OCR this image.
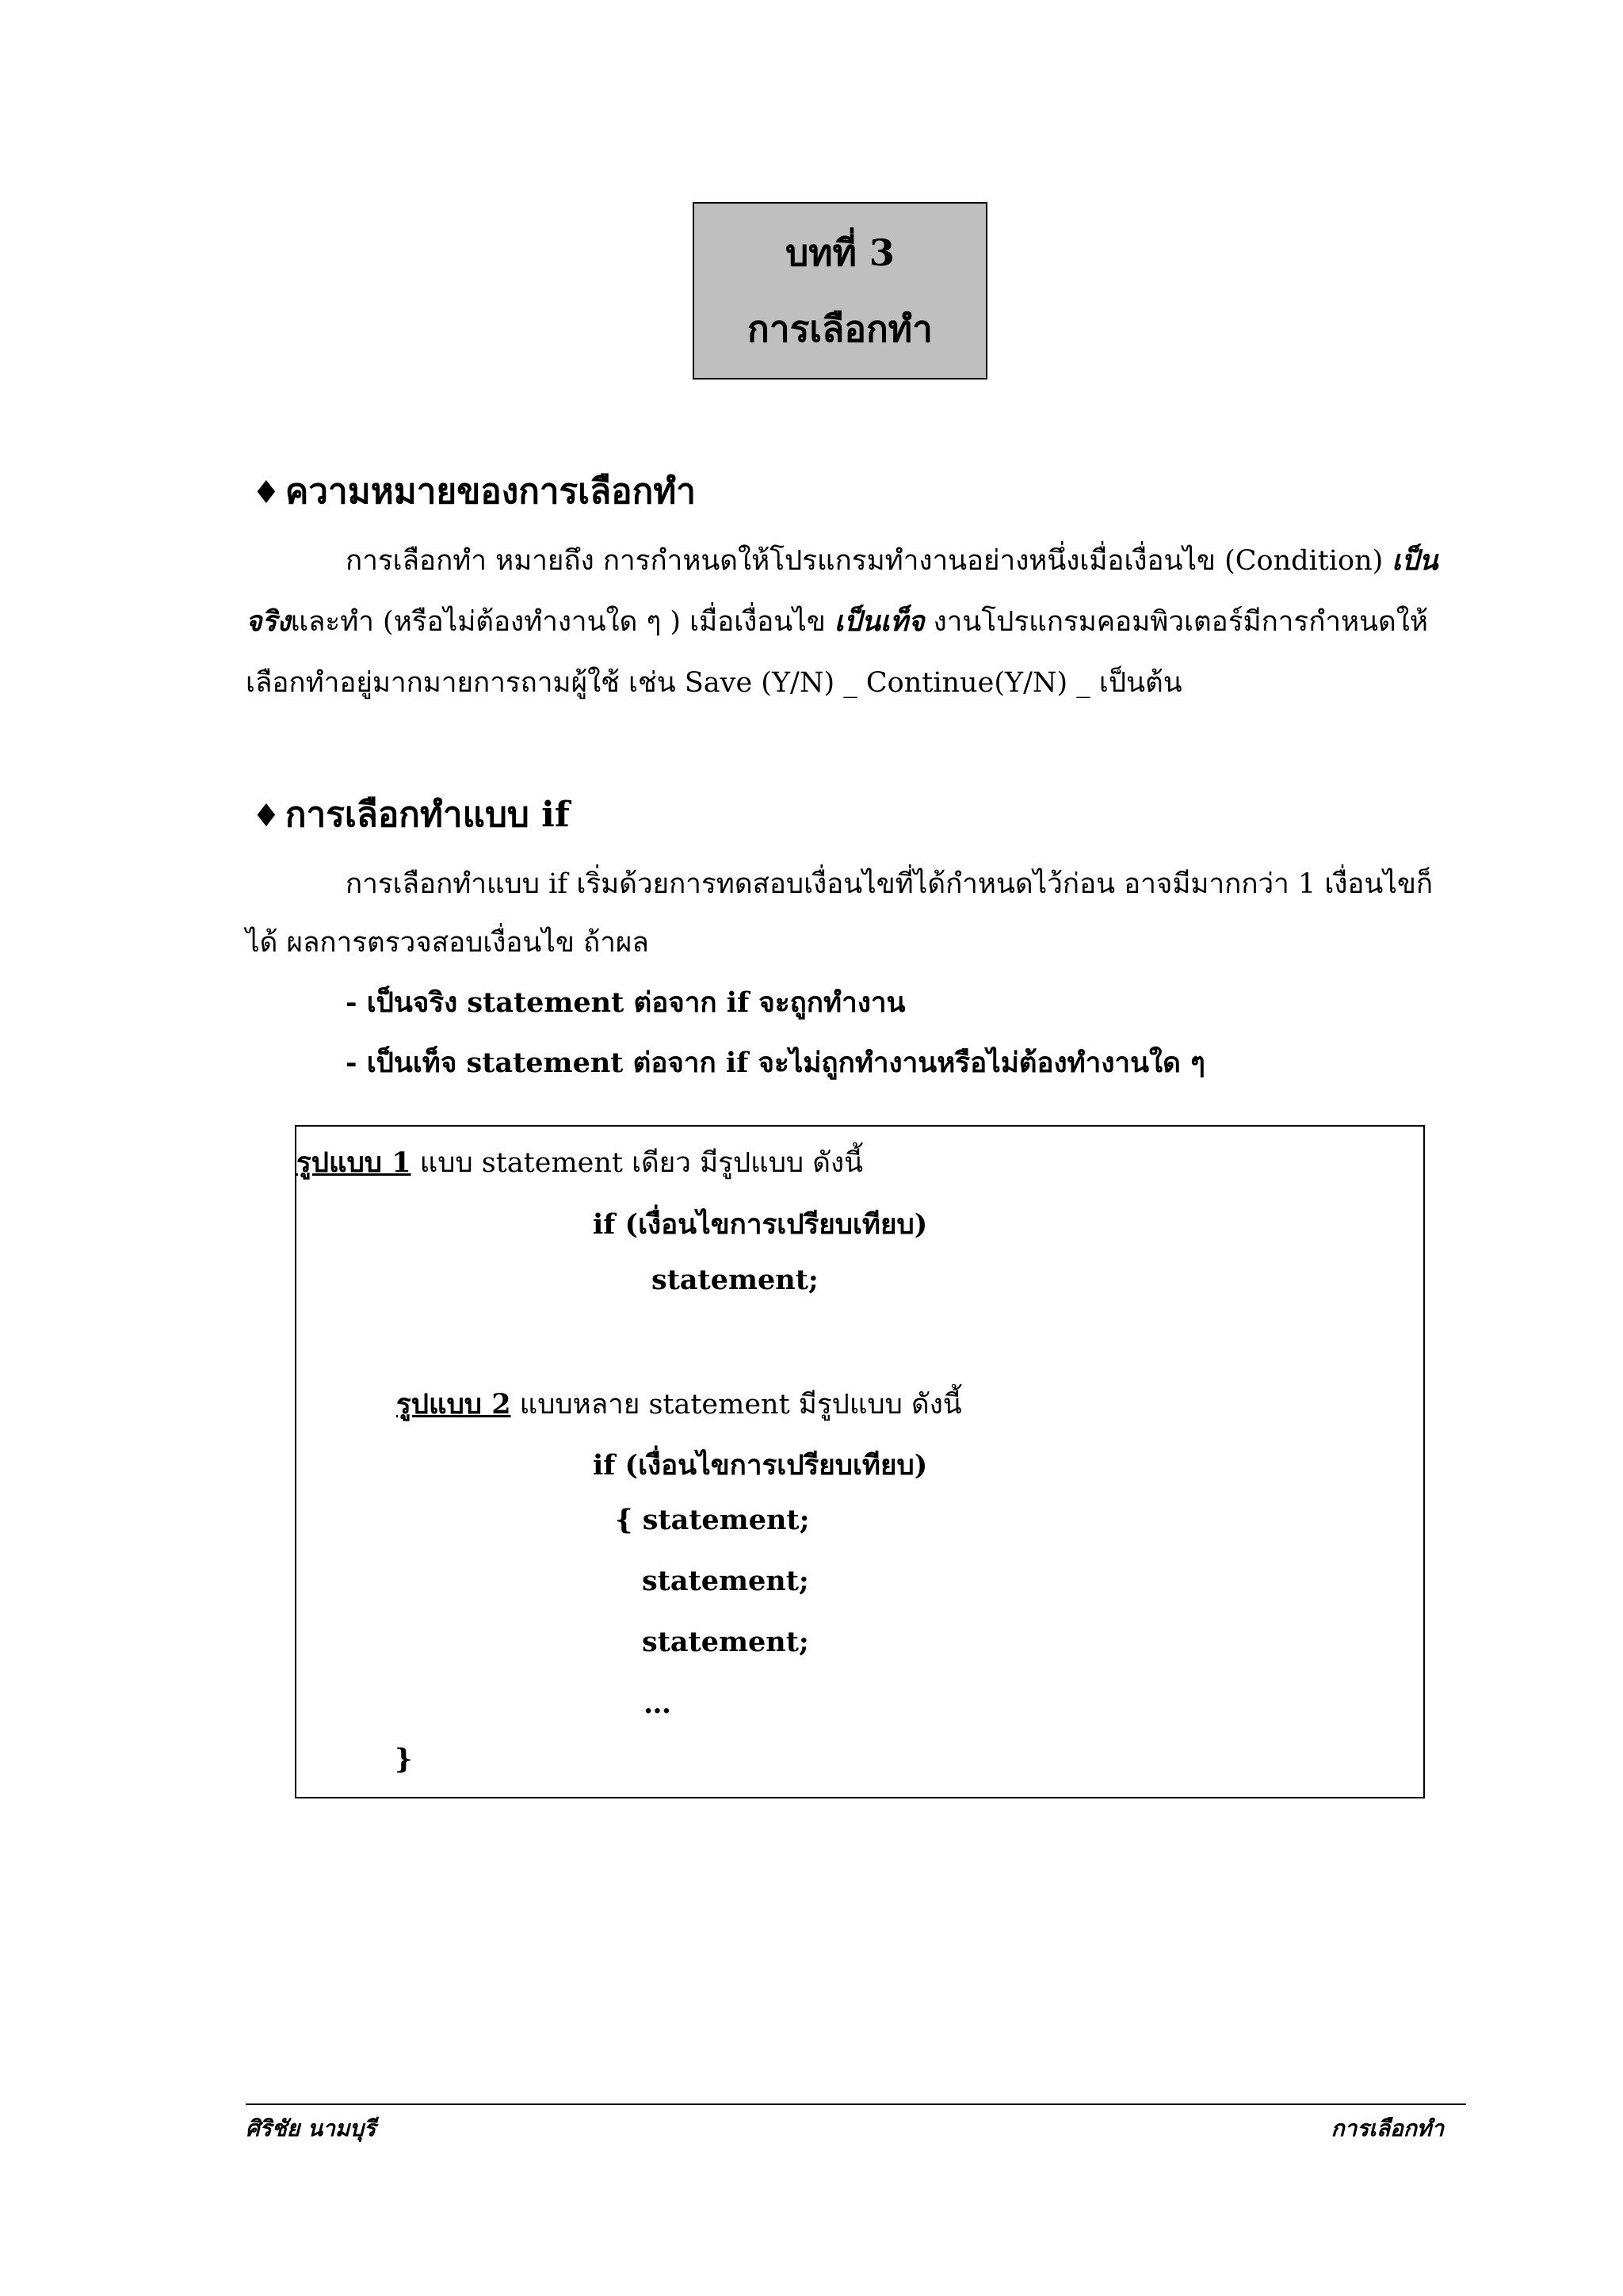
บทที่ 3
การเลือกทำ
♦ ความหมายของการเลือกทำ
การเลือกทำ หมายถึง การกำหนดให้โปรแกรมทำงานอย่างหนึ่งเมื่อเงื่อนไข (Condition) เป็น
จริงและทำ (หรือไม่ต้องทำงานใด ๆ ) เมื่อเงื่อนไข เป็นเท็จ งานโปรแกรมคอมพิวเตอร์มีการกำหนดให้
เลือกทำอยู่มากมายการถามผู้ใช้ เช่น Save (Y/N) _ Continue(Y/N) _ เป็นต้น
♦ การเลือกทำแบบ if
การเลือกทำแบบ if เริ่มด้วยการทดสอบเงื่อนไขที่ได้กำหนดไว้ก่อน อาจมีมากกว่า 1 เงื่อนไขก็
ได้ ผลการตรวจสอบเงื่อนไข ถ้าผล
- เป็นจริง statement ต่อจาก if จะถูกทำงาน
- เป็นเท็จ statement ต่อจาก if จะไม่ถูกทำงานหรือไม่ต้องทำงานใด ๆ
รูปแบบ 1 แบบ statement เดียว มีรูปแบบ ดังนี้
if (เงื่อนไขการเปรียบเทียบ)
statement;
รูปแบบ 2 แบบหลาย statement มีรูปแบบ ดังนี้
if (เงื่อนไขการเปรียบเทียบ)
{ statement;
statement;
statement;
…
}
ศิริชัย นามบุรี	การเลือกทำ
